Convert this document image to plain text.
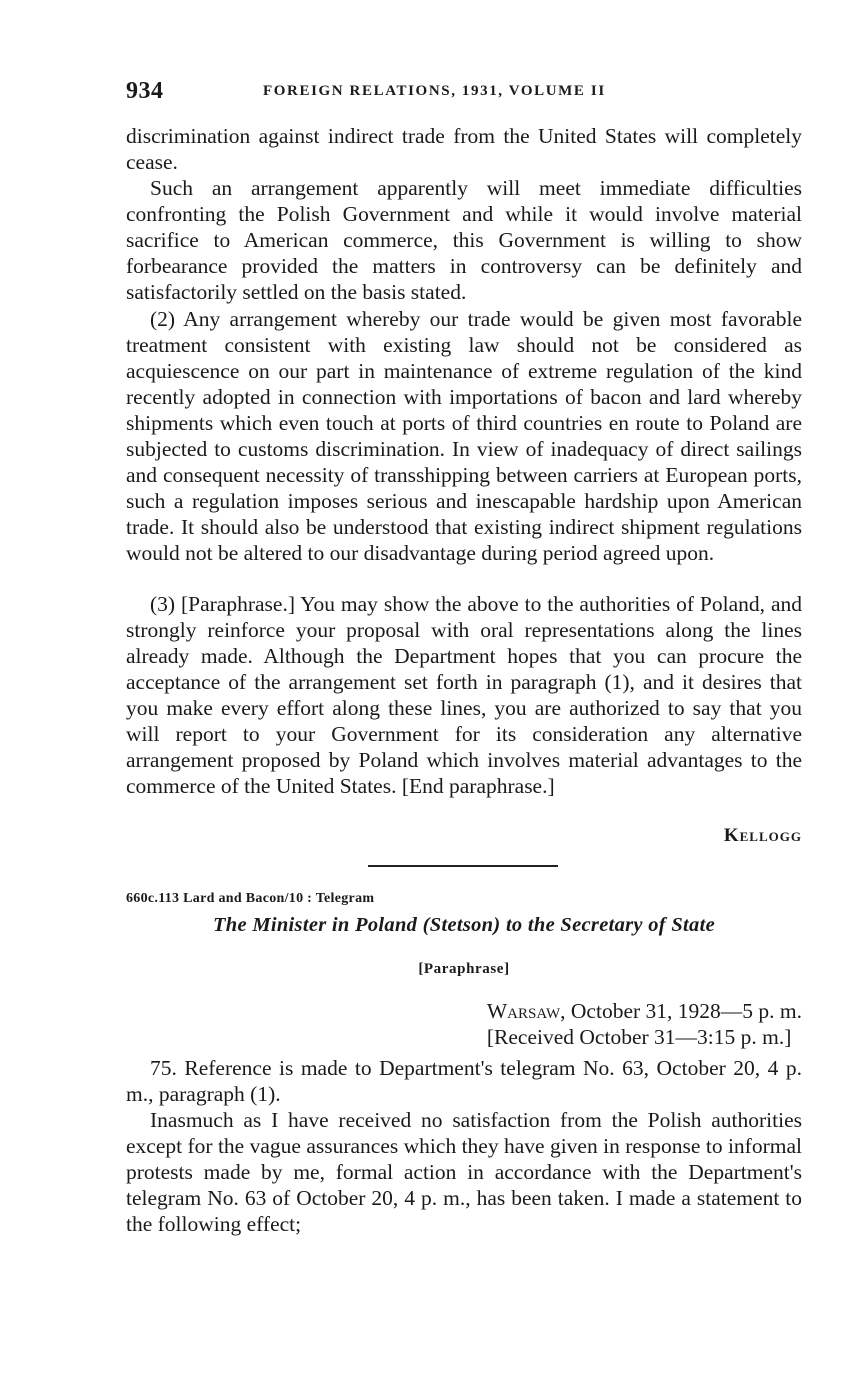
934	FOREIGN RELATIONS, 1931, VOLUME II

discrimination against indirect trade from the United States will completely cease.

Such an arrangement apparently will meet immediate difficulties confronting the Polish Government and while it would involve material sacrifice to American commerce, this Government is willing to show forbearance provided the matters in controversy can be definitely and satisfactorily settled on the basis stated.

(2) Any arrangement whereby our trade would be given most favorable treatment consistent with existing law should not be considered as acquiescence on our part in maintenance of extreme regulation of the kind recently adopted in connection with importations of bacon and lard whereby shipments which even touch at ports of third countries en route to Poland are subjected to customs discrimination. In view of inadequacy of direct sailings and consequent necessity of transshipping between carriers at European ports, such a regulation imposes serious and inescapable hardship upon American trade. It should also be understood that existing indirect shipment regulations would not be altered to our disadvantage during period agreed upon.

(3) [Paraphrase.] You may show the above to the authorities of Poland, and strongly reinforce your proposal with oral representations along the lines already made. Although the Department hopes that you can procure the acceptance of the arrangement set forth in paragraph (1), and it desires that you make every effort along these lines, you are authorized to say that you will report to your Government for its consideration any alternative arrangement proposed by Poland which involves material advantages to the commerce of the United States. [End paraphrase.]

Kellogg
660c.113 Lard and Bacon/10 : Telegram
The Minister in Poland (Stetson) to the Secretary of State
[Paraphrase]
Warsaw, October 31, 1928—5 p. m.
[Received October 31—3:15 p. m.]

75. Reference is made to Department's telegram No. 63, October 20, 4 p. m., paragraph (1).

Inasmuch as I have received no satisfaction from the Polish authorities except for the vague assurances which they have given in response to informal protests made by me, formal action in accordance with the Department's telegram No. 63 of October 20, 4 p. m., has been taken. I made a statement to the following effect;
